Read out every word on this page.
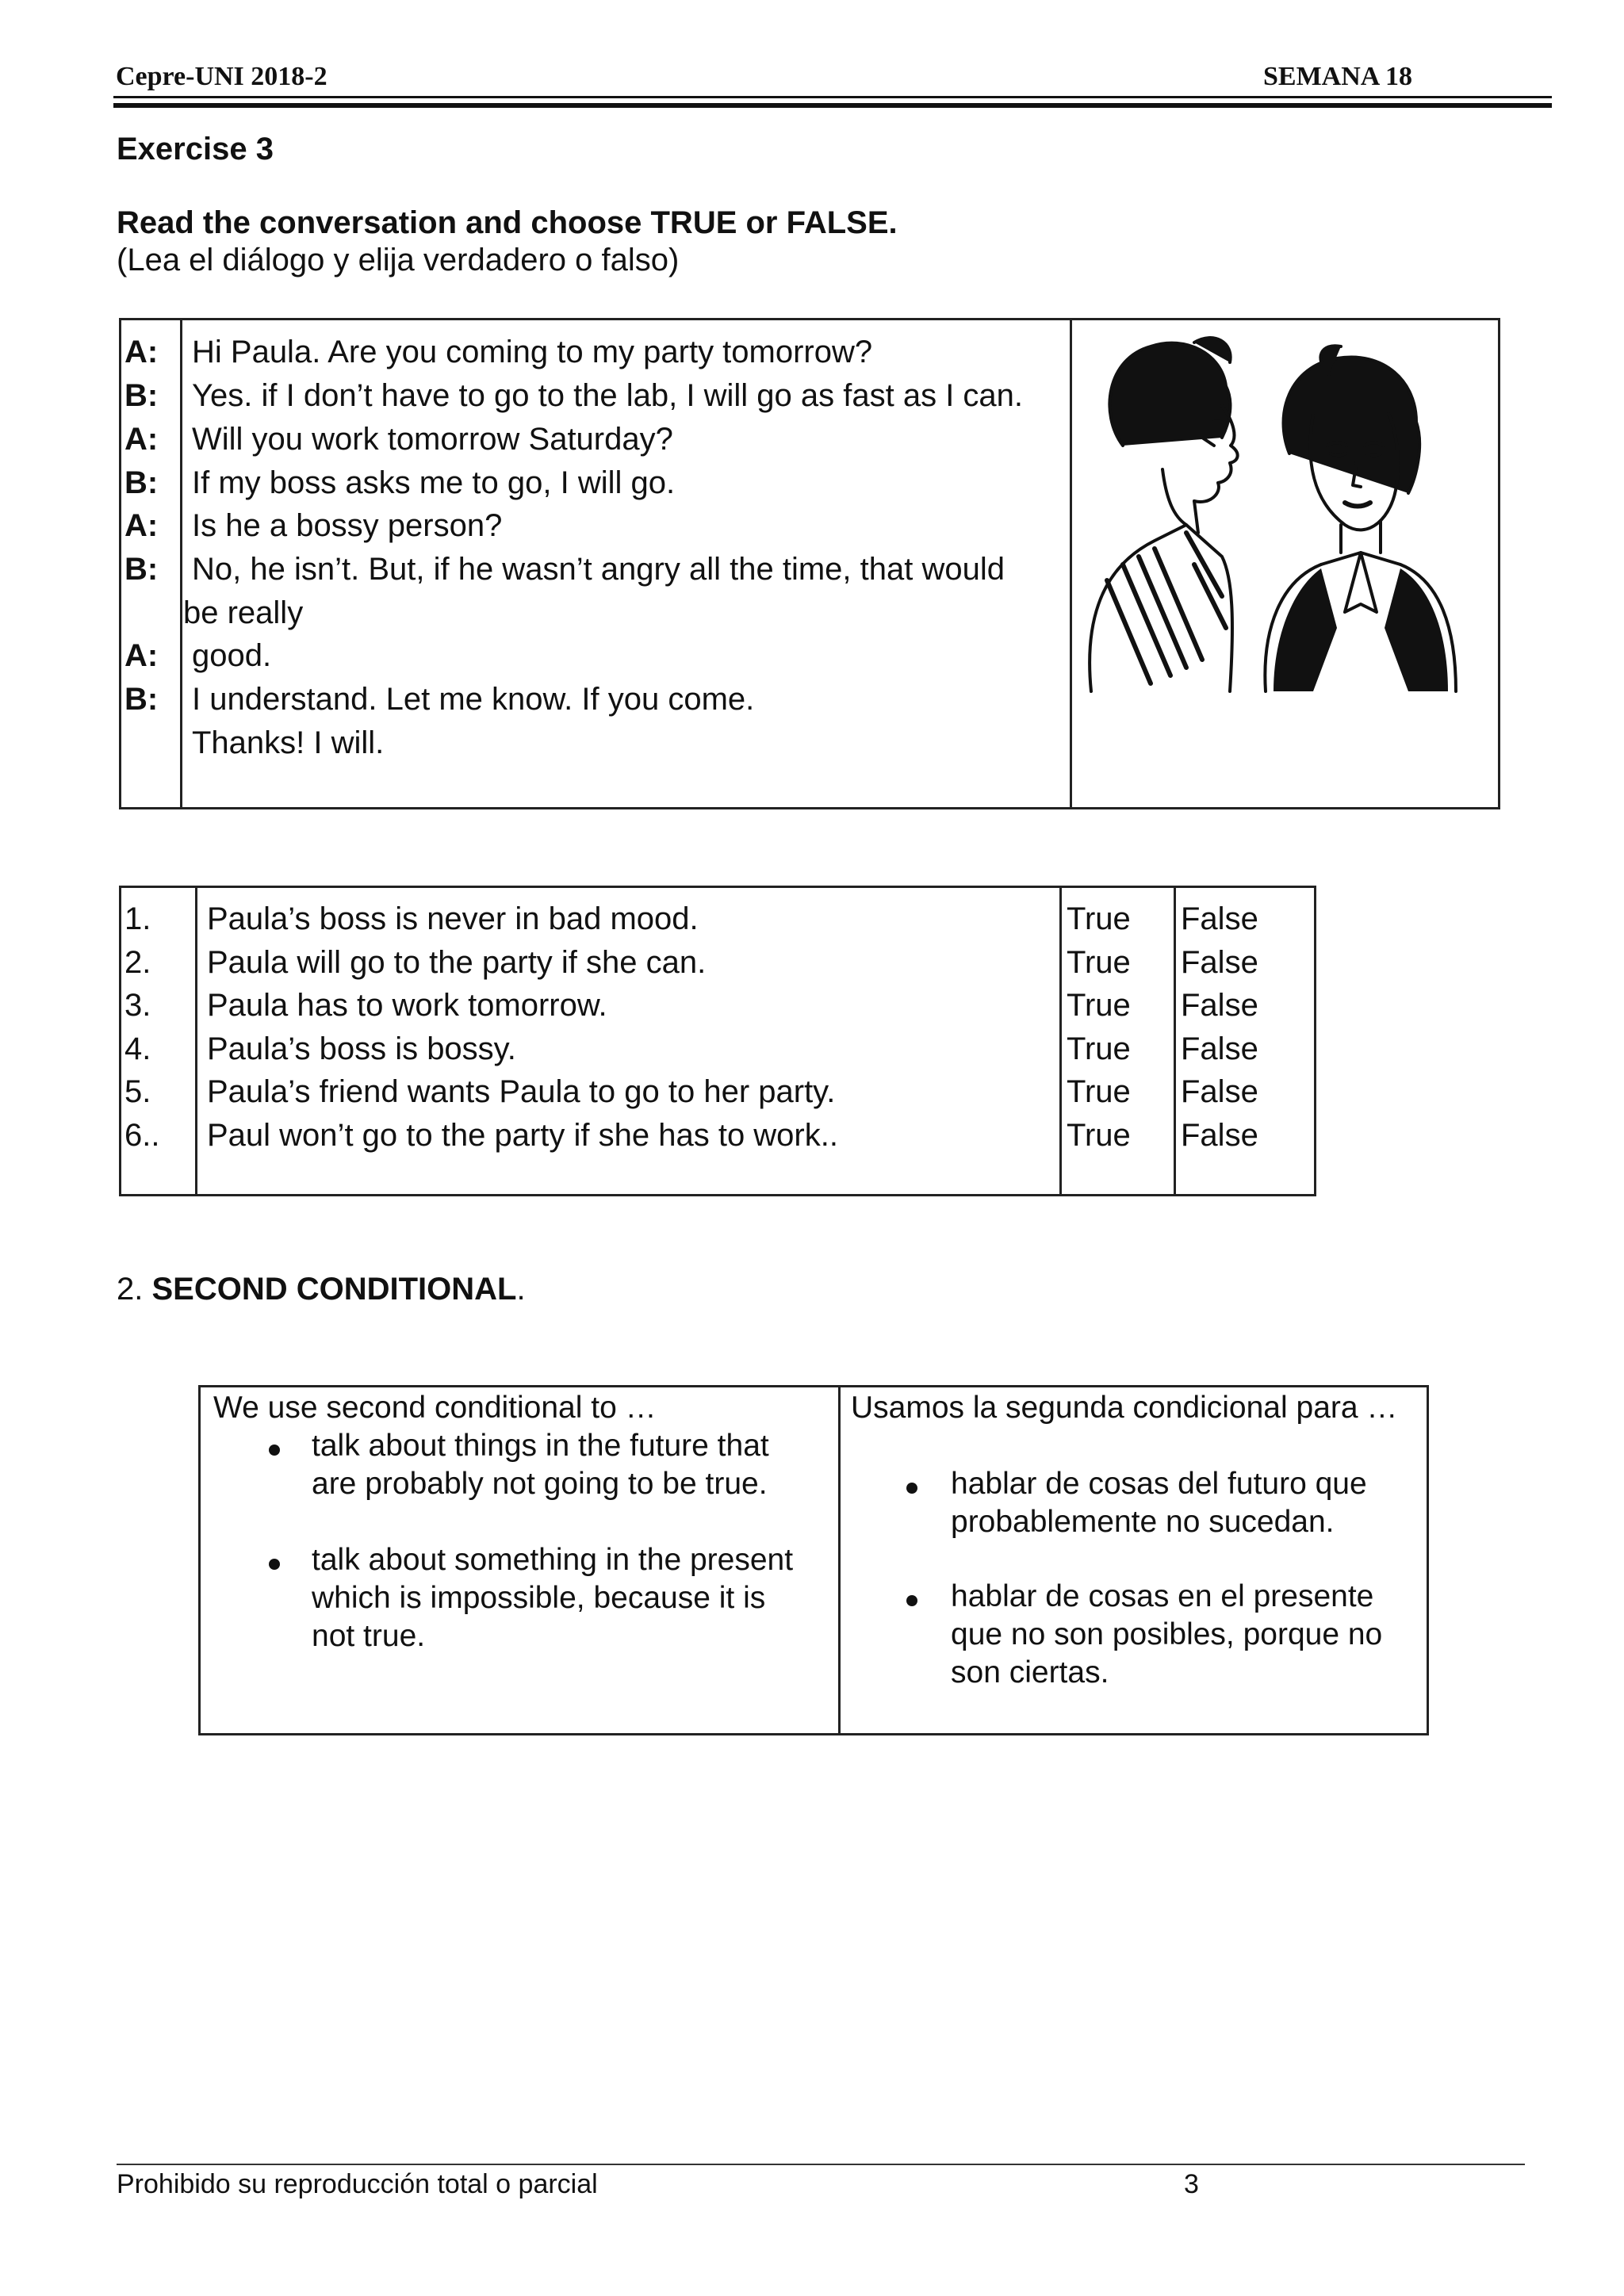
Cepre-UNI 2018-2	SEMANA 18
Exercise 3
Read the conversation and choose TRUE or FALSE.
(Lea el diálogo y elija verdadero o falso)
A:	Hi Paula. Are you coming to my party tomorrow?
B:	Yes. if I don’t have to go to the lab, I will go as fast as I can.
A:	Will you work tomorrow Saturday?
B:	If my boss asks me to go, I will go.
A:	Is he a bossy person?
B:	No, he isn’t. But, if he wasn’t angry all the time, that would
be really
A:	good.
B:	I understand. Let me know. If you come.
Thanks! I will.
1. Paula’s boss is never in bad mood.	True False
2. Paula will go to the party if she can.	True False
3. Paula has to work tomorrow.	True False
4. Paula’s boss is bossy.	True False
5. Paula’s friend wants Paula to go to her party.	True False
6.. Paul won’t go to the party if she has to work..	True False
2. SECOND CONDITIONAL.
We use second conditional to …
talk about things in the future that
are probably not going to be true.
talk about something in the present
which is impossible, because it is
not true.
Usamos la segunda condicional para …
hablar de cosas del futuro que
probablemente no sucedan.
hablar de cosas en el presente
que no son posibles, porque no
son ciertas.
Prohibido su reproducción total o parcial	3
